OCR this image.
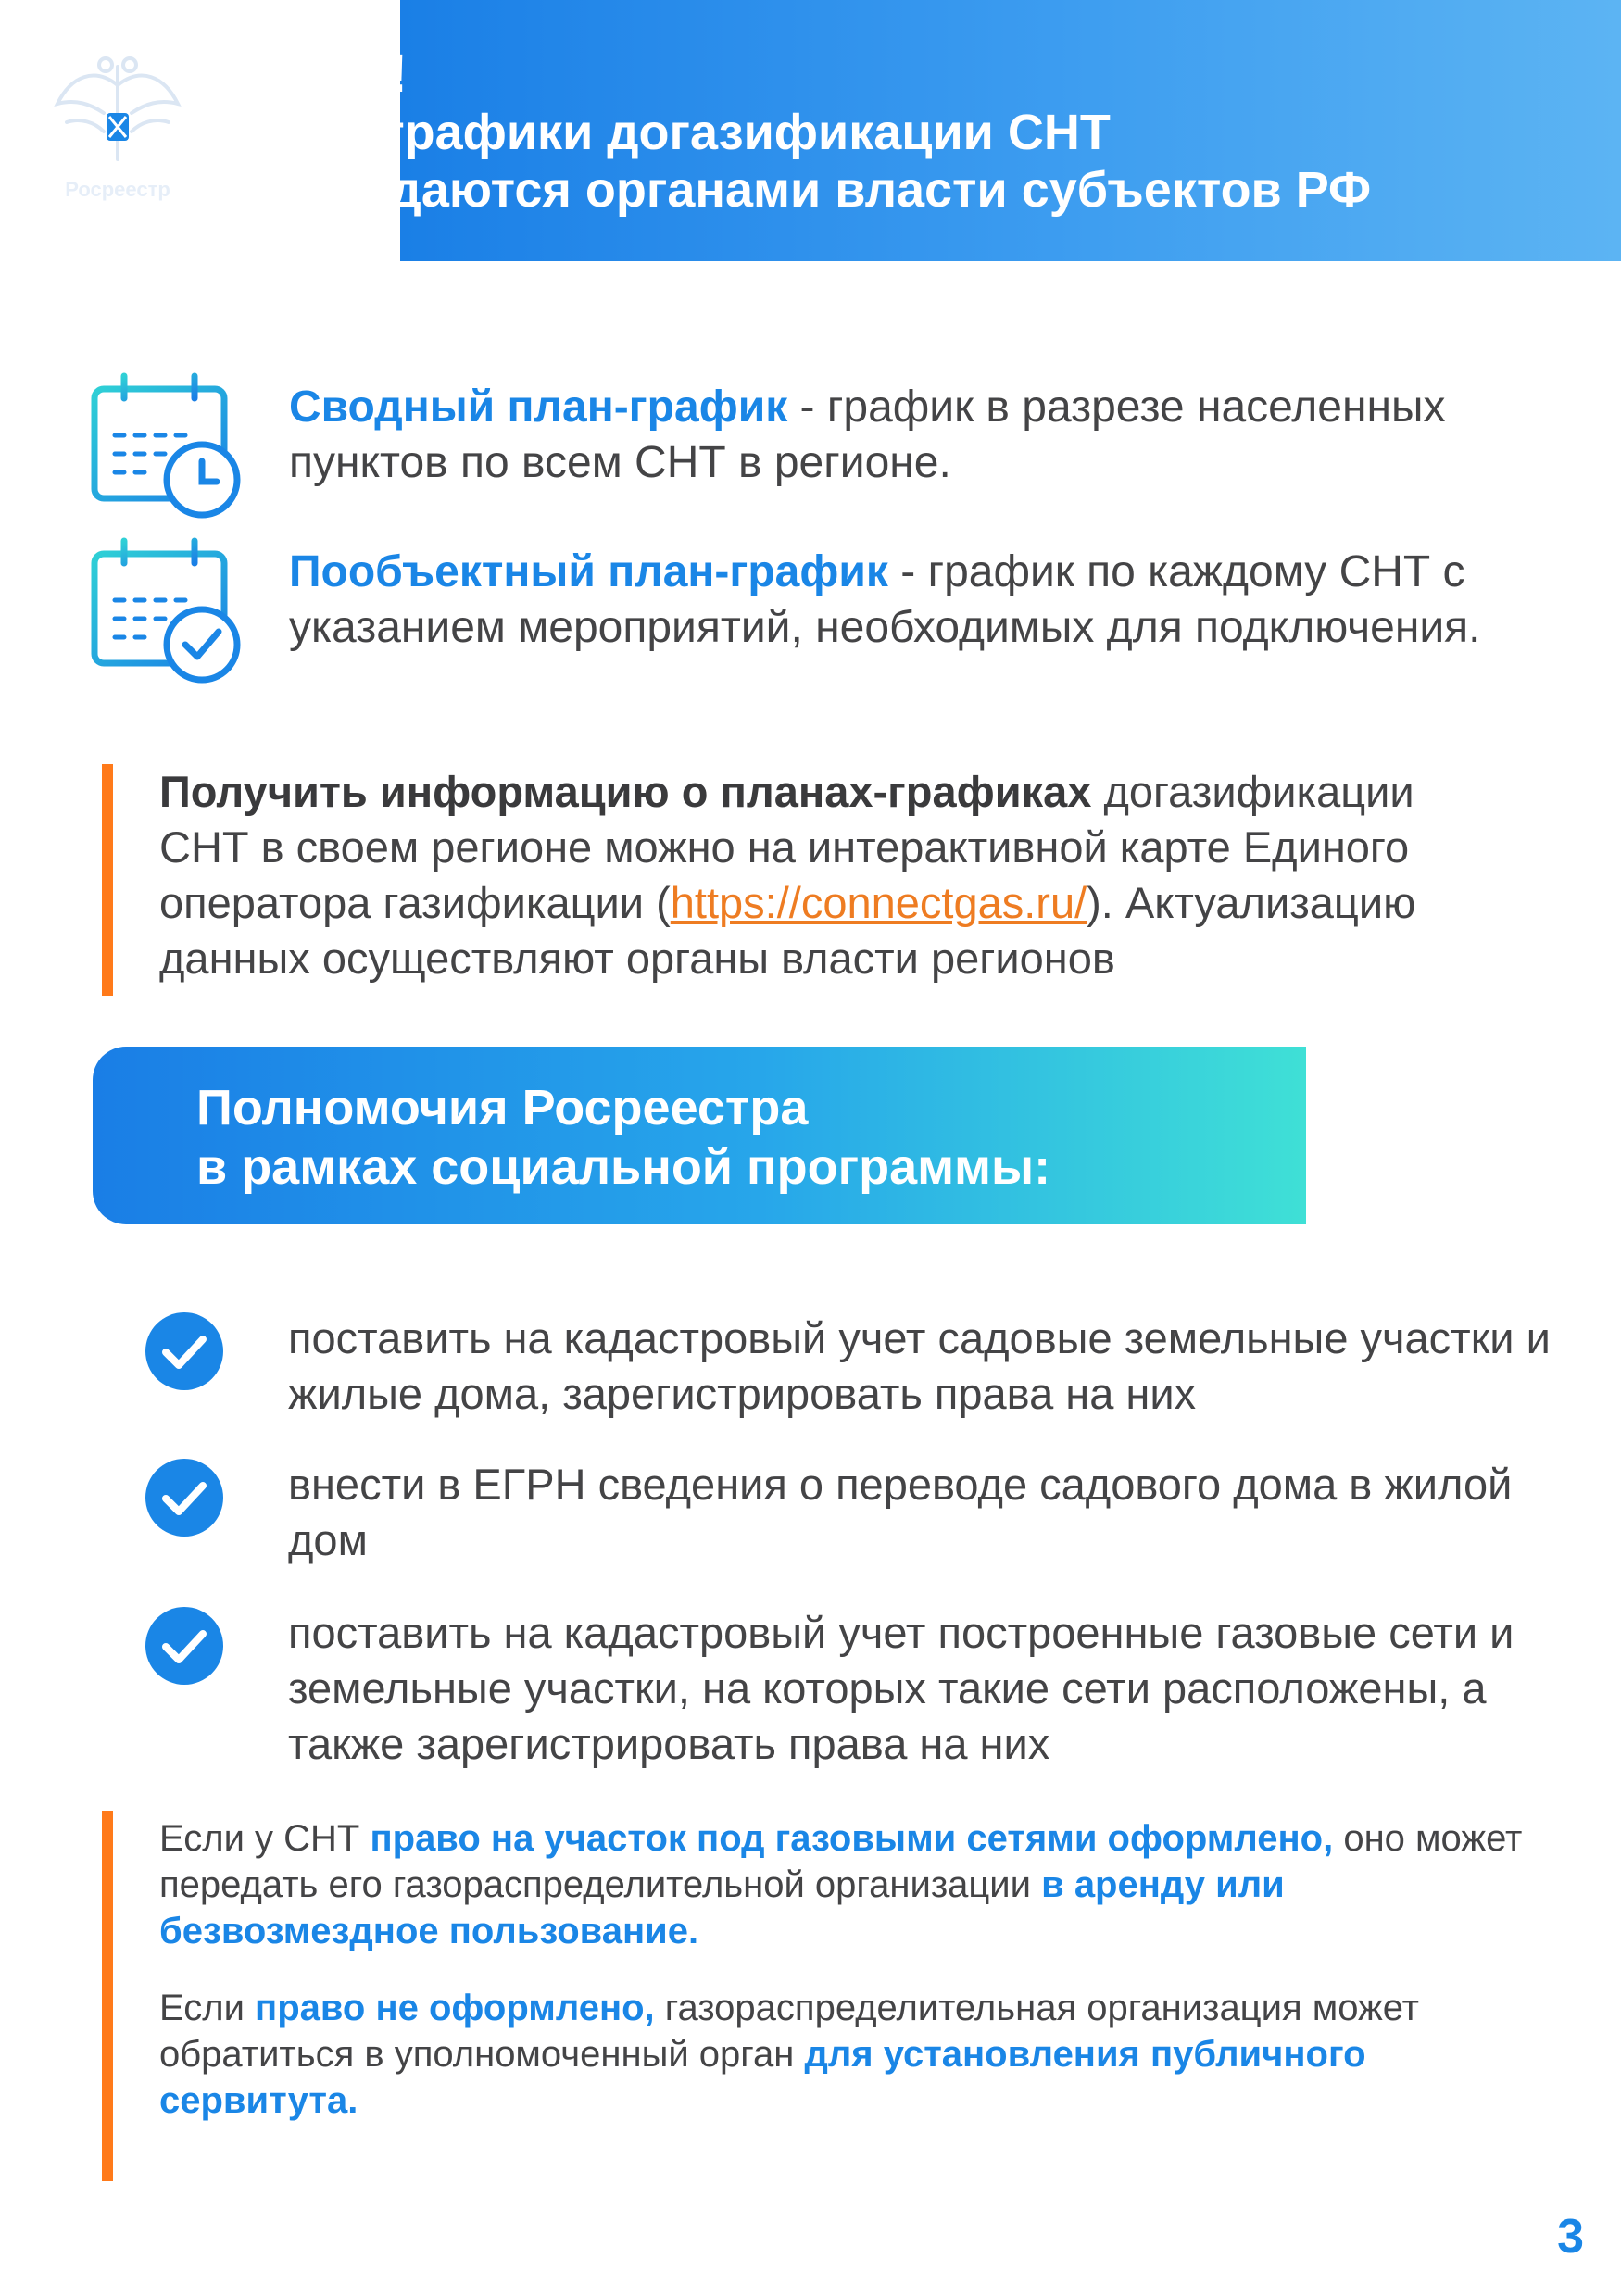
Росреестр
но!
ы-графики догазификации СНТ
ождаются органами власти субъектов РФ
Сводный план-график - график в разрезе населенных пунктов по всем СНТ в регионе.
Пообъектный план-график - график по каждому СНТ с указанием мероприятий, необходимых для подключения.
Получить информацию о планах-графиках догазификации СНТ в своем регионе можно на интерактивной карте Единого оператора газификации (https://connectgas.ru/). Актуализацию данных осуществляют органы власти регионов
Полномочия Росреестра
в рамках социальной программы:
поставить на кадастровый учет садовые земельные участки и жилые дома, зарегистрировать права на них
внести в ЕГРН сведения о переводе садового дома в жилой дом
поставить на кадастровый учет построенные газовые сети и земельные участки, на которых такие сети расположены, а также зарегистрировать права на них
Если у СНТ право на участок под газовыми сетями оформлено, оно может передать его газораспределительной организации в аренду или безвозмездное пользование.
Если право не оформлено, газораспределительная организация может обратиться в уполномоченный орган для установления публичного сервитута.
3
